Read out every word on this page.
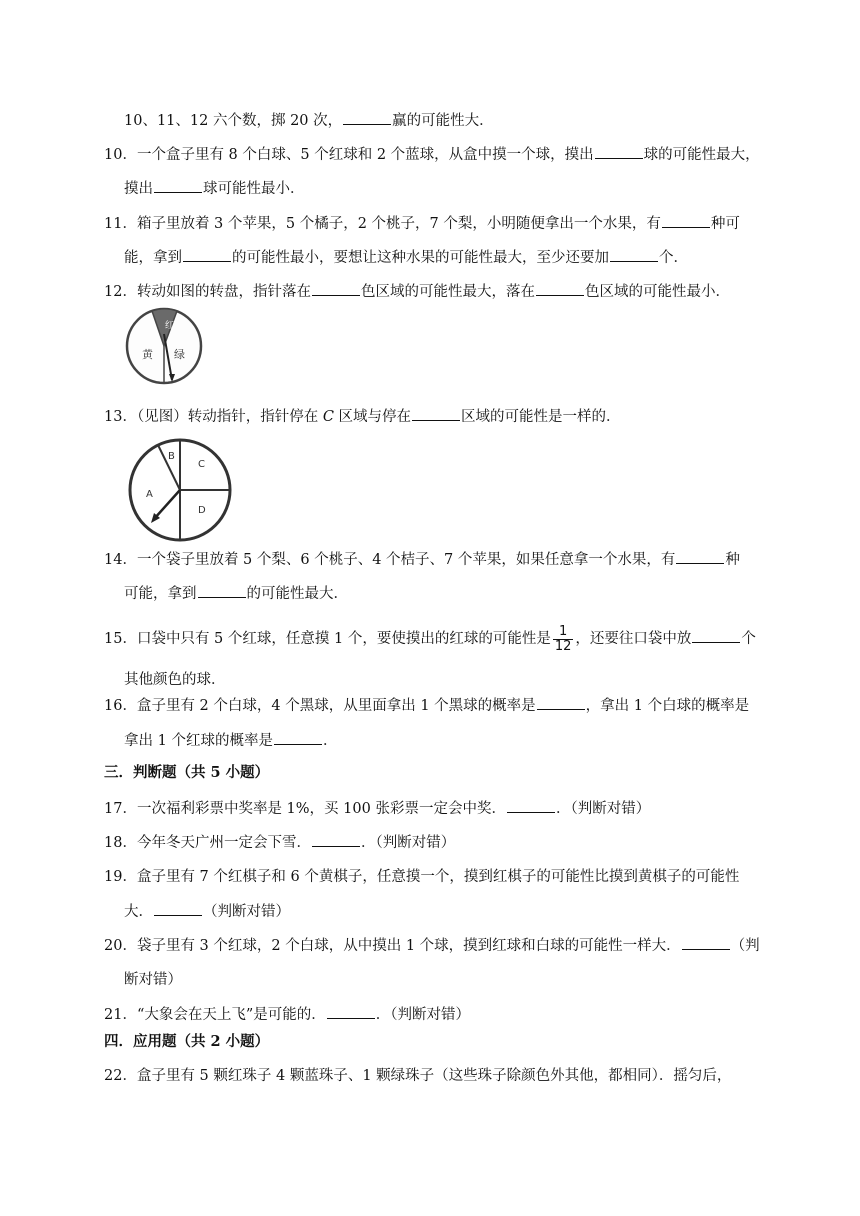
10、11、12 六个数，掷 20 次，	赢的可能性大．
10．一个盒子里有 8 个白球、5 个红球和 2 个蓝球，从盒中摸一个球，摸出	球的可能性最大，
摸出	球可能性最小．
11．箱子里放着 3 个苹果，5 个橘子，2 个桃子，7 个梨，小明随便拿出一个水果，有	种可
能，拿到	的可能性最小，要想让这种水果的可能性最大，至少还要加	个．
12．转动如图的转盘，指针落在	色区域的可能性最大，落在	色区域的可能性最小．
14．一个袋子里放着 5 个梨、6 个桃子、4 个桔子、7 个苹果，如果任意拿一个水果，有	种
可能，拿到	的可能性最大．
其他颜色的球．
16．盒子里有 2 个白球，4 个黑球，从里面拿出 1 个黑球的概率是	，拿出 1 个白球的概率是
拿出 1 个红球的概率是	．
17．一次福利彩票中奖率是 1%，买 100 张彩票一定会中奖．	．（判断对错）
18．今年冬天广州一定会下雪．	．（判断对错）
19．盒子里有 7 个红棋子和 6 个黄棋子，任意摸一个，摸到红棋子的可能性比摸到黄棋子的可能性
大．	（判断对错）
20．袋子里有 3 个红球，2 个白球，从中摸出 1 个球，摸到红球和白球的可能性一样大．	（判
断对错）
21．“大象会在天上飞”是可能的．	．（判断对错）
22．盒子里有 5 颗红珠子 4 颗蓝珠子、1 颗绿珠子（这些珠子除颜色外其他，都相同）．摇匀后，
13．（见图）转动指针，指针停在 C 区域与停在	区域的可能性是一样的．
15．口袋中只有 5 个红球，任意摸 1 个，要使摸出的红球的可能性是 $\frac{1}{12}$ ，还要往口袋中放	个
三．判断题（共 5 小题）
四．应用题（共 2 小题）
红
黄 绿
B
C
A
D
